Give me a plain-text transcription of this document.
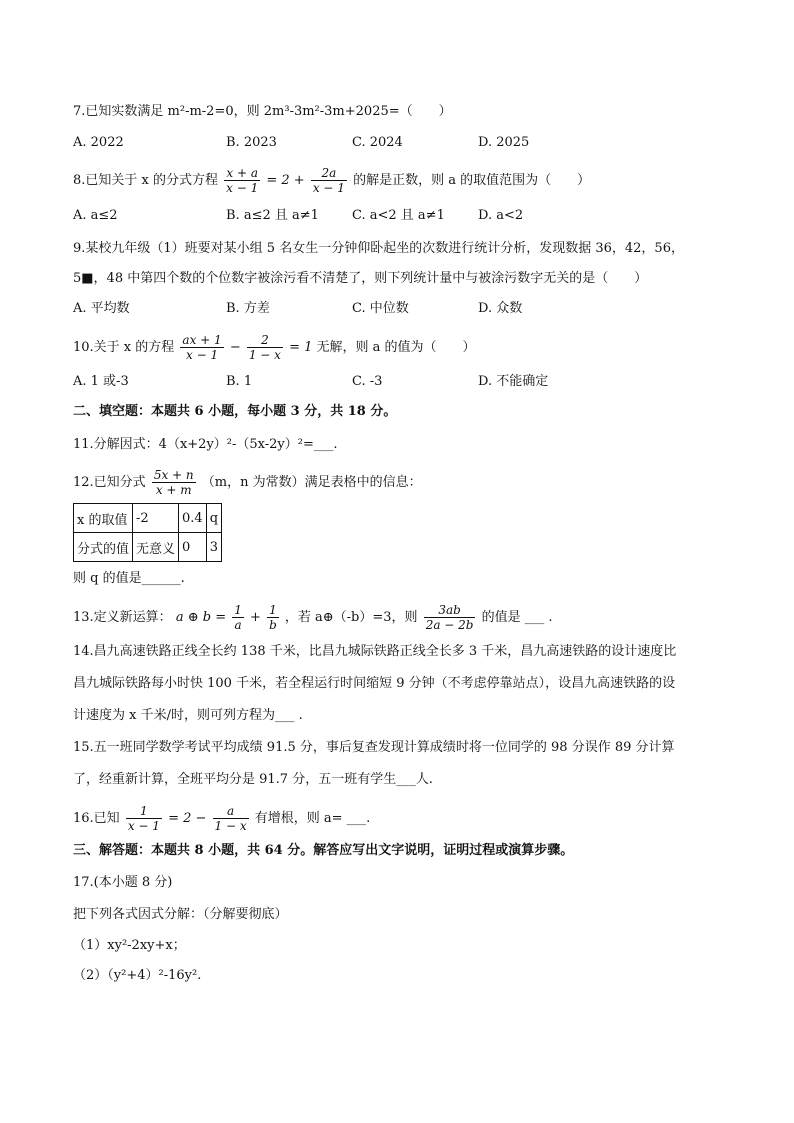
7.已知实数满足 m²-m-2=0，则 2m³-3m²-3m+2025=（　　）
A. 2022	B. 2023	C. 2024	D. 2025
8.已知关于 x 的分式方程 $\frac{x + a}{x - 1} = 2 + \frac{2a}{x - 1}$ 的解是正数，则 a 的取值范围为（　　）
A. a≤2	B. a≤2 且 a≠1	C. a<2 且 a≠1	D. a<2
9.某校九年级（1）班要对某小组 5 名女生一分钟仰卧起坐的次数进行统计分析，发现数据 36，42，56，
5■，48 中第四个数的个位数字被涂污看不清楚了，则下列统计量中与被涂污数字无关的是（　　）
A. 平均数	B. 方差	C. 中位数	D. 众数
10.关于 x 的方程 $\frac{ax + 1}{x - 1} - \frac{2}{1 - x} = 1$ 无解，则 a 的值为（　　）
A. 1 或-3	B. 1	C. -3	D. 不能确定
二、填空题：本题共 6 小题，每小题 3 分，共 18 分。
11.分解因式：4（x+2y）²-（5x-2y）²=___.
12.已知分式 $\frac{5x + n}{x + m} (m$，n 为常数）满足表格中的信息：
x 的取值	-2	0.4	q
分式的值	无意义	0	3
则 q 的值是______.
13.定义新运算： a ⊕ $b = \frac{1}{a} + \frac{1}{b}$ ，若 a⊕（-b）=3，则 $\frac{3ab}{2a - 2b}$ 的值是 ___ .
14.昌九高速铁路正线全长约 138 千米，比昌九城际铁路正线全长多 3 千米，昌九高速铁路的设计速度比
昌九城际铁路每小时快 100 千米，若全程运行时间缩短 9 分钟（不考虑停靠站点），设昌九高速铁路的设
计速度为 x 千米/时，则可列方程为___ .
15.五一班同学数学考试平均成绩 91.5 分，事后复查发现计算成绩时将一位同学的 98 分误作 89 分计算
了，经重新计算，全班平均分是 91.7 分，五一班有学生___人.
16.已知 $\frac{1}{x - 1} = 2 - \frac{a}{1 - x}$ 有增根，则 a= ___.
三、解答题：本题共 8 小题，共 64 分。解答应写出文字说明，证明过程或演算步骤。
17.(本小题 8 分)
把下列各式因式分解：（分解要彻底）
（1）xy²-2xy+x；
（2）（y²+4）²-16y².
